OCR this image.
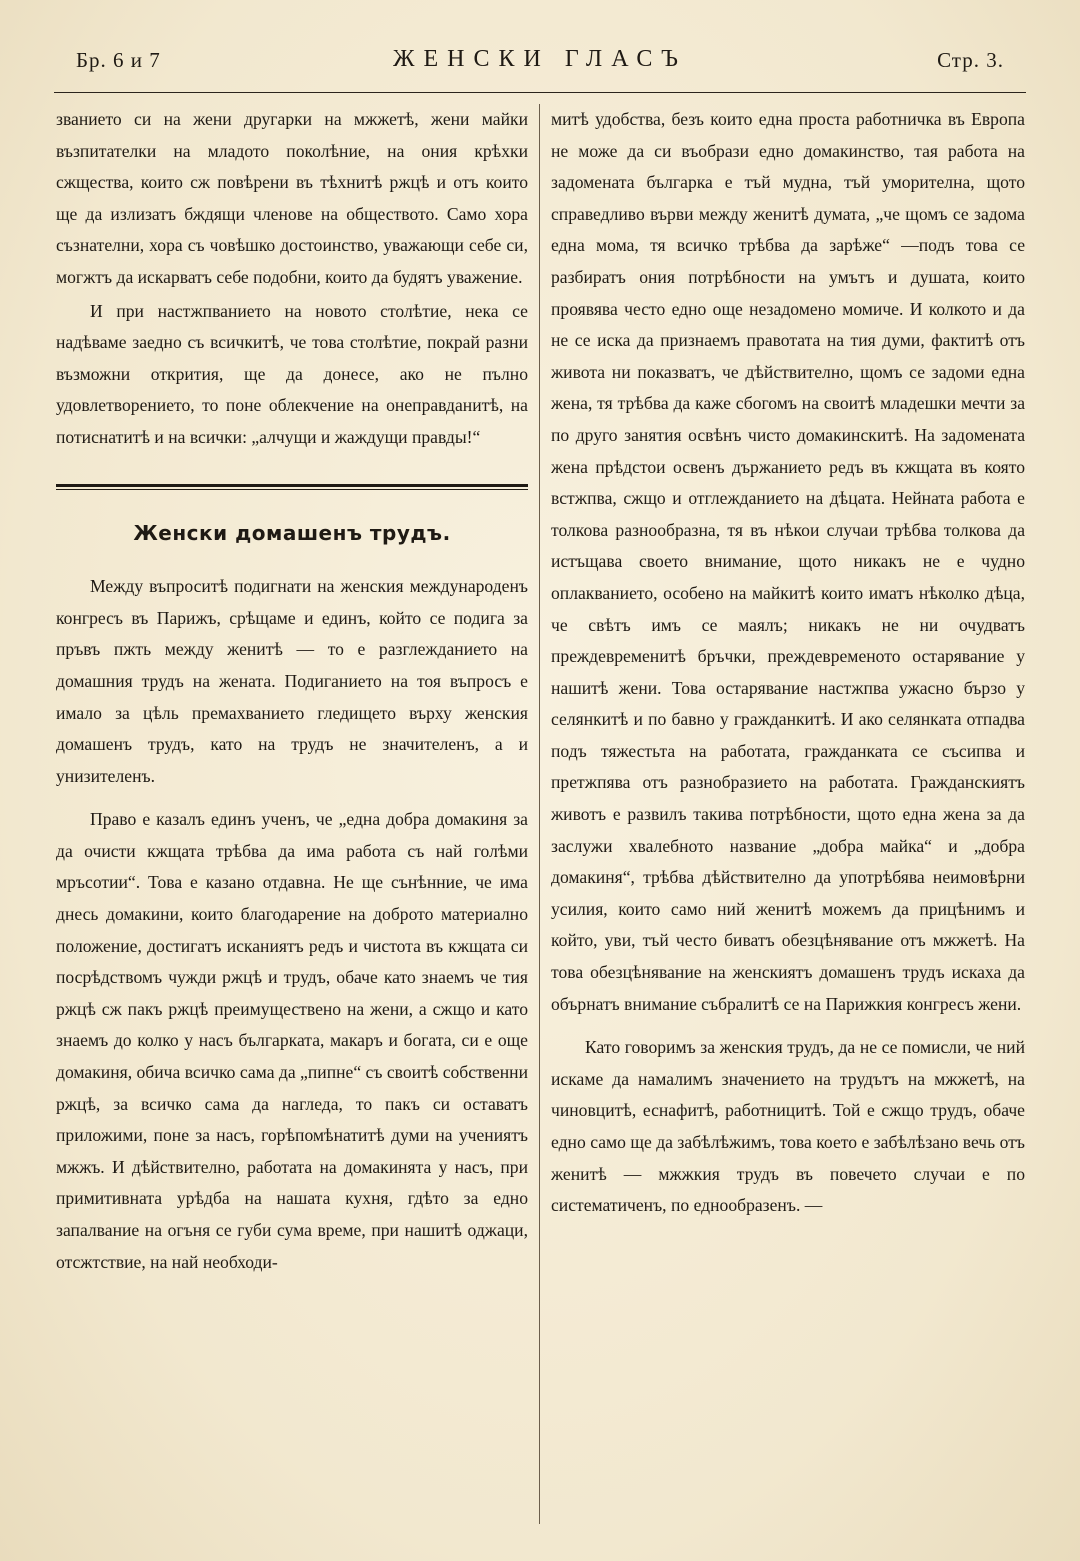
Бр. 6 и 7	ЖЕНСКИ ГЛАСЪ	Стр. 3.

званието си на жени другарки на мжжетѣ, жени майки възпитателки на младото поколѣние, на ония крѣхки сжщества, които сж повѣрени въ тѣхнитѣ ржцѣ и отъ които ще да излизатъ бждящи членове на обществото. Само хора съзнателни, хора съ човѣшко достоинство, уважающи себе си, могжтъ да искарватъ себе подобни, които да будятъ уважение.

И при настжпванието на новото столѣтие, нека се надѣваме заедно съ всичкитѣ, че това столѣтие, покрай разни възможни открития, ще да донесе, ако не пълно удовлетворението, то поне облекчение на онеправданитѣ, на потиснатитѣ и на всички: „алчущи и жаждущи правды!“

Женски домашенъ трудъ.

Между въпроситѣ подигнати на женския международенъ конгресъ въ Парижъ, срѣщаме и единъ, който се подига за пръвъ пжть между женитѣ — то е разглежданието на домашния трудъ на жената. Подиганието на тоя въпросъ е имало за цѣль премахванието гледището върху женския домашенъ трудъ, като на трудъ не значителенъ, а и унизителенъ.

Право е казалъ единъ ученъ, че „една добра домакиня за да очисти кжщата трѣбва да има работа съ най голѣми мръсотии“. Това е казано отдавна. Не ще сънѣнние, че има днесь домакини, които благодарение на доброто материално положение, достигатъ исканиятъ редъ и чистота въ кжщата си посрѣдствомъ чужди ржцѣ и трудъ, обаче като знаемъ че тия ржцѣ сж пакъ ржцѣ преимуществено на жени, а сжщо и като знаемъ до колко у насъ българката, макаръ и богата, си е още домакиня, обича всичко сама да „пипне“ съ своитѣ собственни ржцѣ, за всичко сама да нагледа, то пакъ си оставатъ приложими, поне за насъ, горѣпомѣнатитѣ думи на учениятъ мжжъ. И дѣйствително, работата на домакинята у насъ, при примитивната урѣдба на нашата кухня, гдѣто за едно запалвание на огъня се губи сума време, при нашитѣ оджаци, отсжтствие, на най необходи-

митѣ удобства, безъ които една проста работничка въ Европа не може да си въобрази едно домакинство, тая работа на задомената българка е тъй мудна, тъй уморителна, щото справедливо върви между женитѣ думата, „че щомъ се задома една мома, тя всичко трѣбва да зарѣже“ —подъ това се разбиратъ ония потрѣбности на умътъ и душата, които проявява често едно още незадомено момиче. И колкото и да не се иска да признаемъ правотата на тия думи, фактитѣ отъ живота ни показватъ, че дѣйствително, щомъ се задоми една жена, тя трѣбва да каже сбогомъ на своитѣ младешки мечти за по друго занятия освѣнъ чисто домакинскитѣ. На задомената жена прѣдстои освенъ държанието редъ въ кжщата въ която встжпва, сжщо и отглежданието на дѣцата. Нейната работа е толкова разнообразна, тя въ нѣкои случаи трѣбва толкова да истъщава своето внимание, щото никакъ не е чудно оплакванието, особено на майкитѣ които иматъ нѣколко дѣца, че свѣтъ имъ се маялъ; никакъ не ни очудватъ преждевременитѣ бръчки, преждевременото остарявание у нашитѣ жени. Това остарявание настжпва ужасно бързо у селянкитѣ и по бавно у гражданкитѣ. И ако селянката отпадва подъ тяжестьта на работата, гражданката се съсипва и претжпява отъ разнобразието на работата. Гражданскиятъ животъ е развилъ такива потрѣбности, щото една жена за да заслужи хвалебното название „добра майка“ и „добра домакиня“, трѣбва дѣйствително да употрѣбява неимовѣрни усилия, които само ний женитѣ можемъ да прицѣнимъ и който, уви, тъй често биватъ обезцѣнявание отъ мжжетѣ. На това обезцѣнявание на женскиятъ домашенъ трудъ искаха да обърнатъ внимание събралитѣ се на Парижкия конгресъ жени.

Като говоримъ за женския трудъ, да не се помисли, че ний искаме да намалимъ значението на трудътъ на мжжетѣ, на чиновцитѣ, еснафитѣ, работницитѣ. Той е сжщо трудъ, обаче едно само ще да забѣлѣжимъ, това което е забѣлѣзано вечь отъ женитѣ — мжжкия трудъ въ повечето случаи е по систематиченъ, по еднообразенъ. —
